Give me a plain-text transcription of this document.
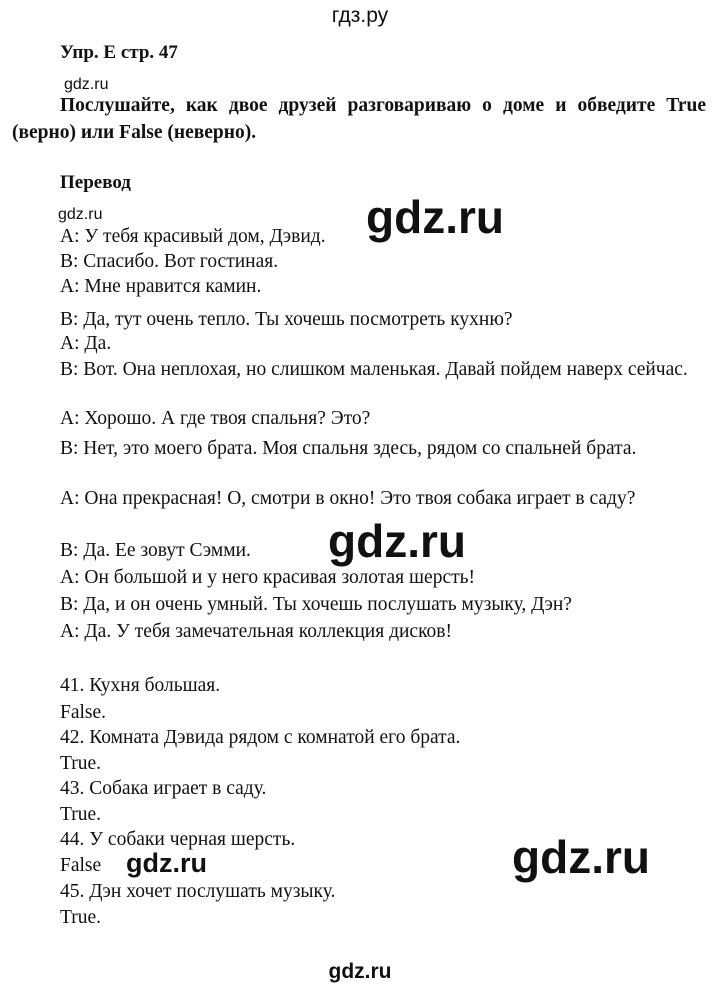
гдз.ру
Упр. E стр. 47
gdz.ru
Послушайте, как двое друзей разговариваю о доме и обведите True (верно) или False (неверно).
Перевод
gdz.ru
A: У тебя красивый дом, Дэвид. gdz.ru
B: Спасибо. Вот гостиная.
A: Мне нравится камин.
B: Да, тут очень тепло. Ты хочешь посмотреть кухню?
A: Да.
B: Вот. Она неплохая, но слишком маленькая. Давай пойдем наверх сейчас.
A: Хорошо. А где твоя спальня? Это?
B: Нет, это моего брата. Моя спальня здесь, рядом со спальней брата.
A: Она прекрасная! О, смотри в окно! Это твоя собака играет в саду?
B: Да. Ее зовут Сэмми. gdz.ru
A: Он большой и у него красивая золотая шерсть!
B: Да, и он очень умный. Ты хочешь послушать музыку, Дэн?
A: Да. У тебя замечательная коллекция дисков!
41. Кухня большая.
False.
42. Комната Дэвида рядом с комнатой его брата.
True.
43. Собака играет в саду.
True.
44. У собаки черная шерсть.
False gdz.ru	gdz.ru
45. Дэн хочет послушать музыку.
True.
gdz.ru
